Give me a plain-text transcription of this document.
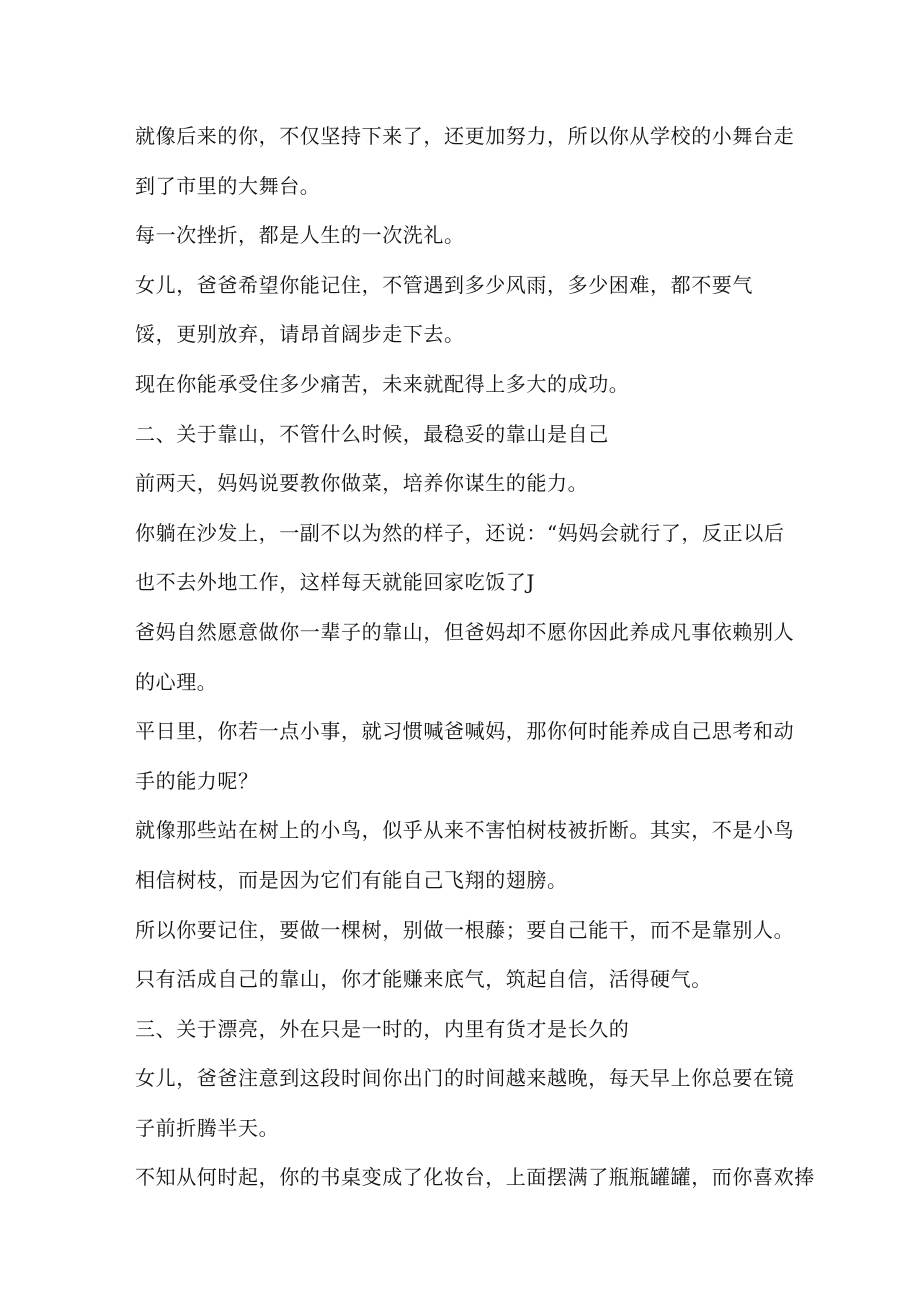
就像后来的你，不仅坚持下来了，还更加努力，所以你从学校的小舞台走
到了市里的大舞台。
每一次挫折，都是人生的一次洗礼。
女儿，爸爸希望你能记住，不管遇到多少风雨，多少困难，都不要气
馁，更别放弃，请昂首阔步走下去。
现在你能承受住多少痛苦，未来就配得上多大的成功。
二、关于靠山，不管什么时候，最稳妥的靠山是自己
前两天，妈妈说要教你做菜，培养你谋生的能力。
你躺在沙发上，一副不以为然的样子，还说：“妈妈会就行了，反正以后
也不去外地工作，这样每天就能回家吃饭了J
爸妈自然愿意做你一辈子的靠山，但爸妈却不愿你因此养成凡事依赖别人
的心理。
平日里，你若一点小事，就习惯喊爸喊妈，那你何时能养成自己思考和动
手的能力呢？
就像那些站在树上的小鸟，似乎从来不害怕树枝被折断。其实，不是小鸟
相信树枝，而是因为它们有能自己飞翔的翅膀。
所以你要记住，要做一棵树，别做一根藤；要自己能干，而不是靠别人。
只有活成自己的靠山，你才能赚来底气，筑起自信，活得硬气。
三、关于漂亮，外在只是一时的，内里有货才是长久的
女儿，爸爸注意到这段时间你出门的时间越来越晚，每天早上你总要在镜
子前折腾半天。
不知从何时起，你的书桌变成了化妆台，上面摆满了瓶瓶罐罐，而你喜欢捧
